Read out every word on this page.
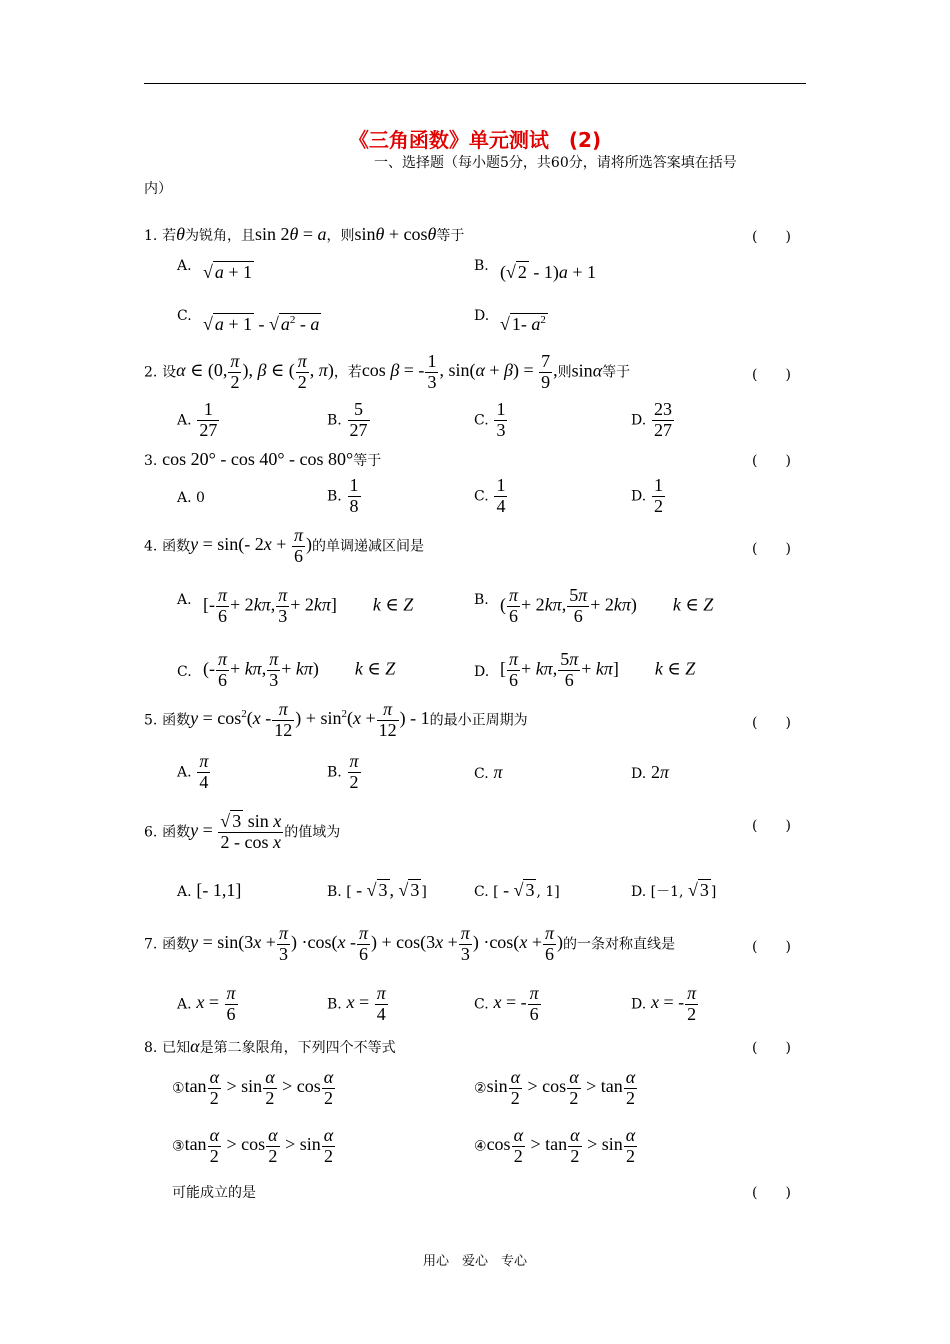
《三角函数》单元测试　(2)
一、选择题（每小题5分，共60分，请将所选答案填在括号
内）
(　　)
(　　)
(　　)
(　　)
(　　)
(　　)
(　　)
(　　)
(　　)
1. 若θ为锐角，且sin 2θ = a，则sinθ + cosθ等于
A. √ a + 1	B. (√ 2 - 1)a + 1
C. √ a + 1 - √ $a^2$ - a	D. √ 1- $a^2$
2. 设α ∈ (0, $\frac{\pi}{2}$ ), β ∈ ( $\frac{\pi}{2}$ , π)，若cos β = - $\frac{1}{3}$ , $\sin(\alpha + \beta) = \frac{7}{9}$ ,则sinα等于
A. $\frac{1}{27}$	B. $\frac{5}{27}$	C. $\frac{1}{3}$	D. $\frac{23}{27}$
3. cos 20° - cos 40° - cos 80°等于
A. 0	B. $\frac{1}{8}$	C. $\frac{1}{4}$	D. $\frac{1}{2}$
4. 函数y = sin(- $2x + \frac{\pi}{6}$ )的单调递减区间是
A. [- $\frac{\pi}{6} + 2k\pi$, $\frac{\pi}{3} + 2k\pi$]　　k ∈ Z	B. ( $\frac{\pi}{6} + 2k\pi$, $\frac{5\pi}{6} + 2k\pi$)　　k ∈ Z
C. (- $\frac{\pi}{6} + k\pi$, $\frac{\pi}{3} + k\pi$)　　k ∈ Z	D. [ $\frac{\pi}{6} + k\pi$, $\frac{5\pi}{6} + k\pi$]　　k ∈ Z
5. 函数$y = \cos^2(x - \frac{\pi}{12}$ ) + $\sin^2(x + \frac{\pi}{12}$ ) - 1的最小正周期为
A. $\frac{\pi}{4}$	B. $\frac{\pi}{2}$	C. π	D. 2π
6. 函数$y = \frac{\text{√ 3 sin x}}{\text{2 - cos x}}$ 的值域为
A. [- 1,1]	B. [ - √ 3 , √ 3 ]	C. [ - √ 3 , 1]	D. [－1, √ 3 ]
7. 函数$y = \sin(3x + \frac{\pi}{3}$ ) $\cdot\cos(x - \frac{\pi}{6}$ ) + $\cos(3x + \frac{\pi}{3}$ ) $\cdot\cos(x + \frac{\pi}{6}$ )的一条对称直线是
A. $x = \frac{\pi}{6}$	B. $x = \frac{\pi}{4}$	C. x = - $\frac{\pi}{6}$	D. x = - $\frac{\pi}{2}$
8. 已知α是第二象限角，下列四个不等式
①tan $\frac{\alpha}{2} > \sin \frac{\alpha}{2} > \cos \frac{\alpha}{2}$	②sin $\frac{\alpha}{2} > \cos \frac{\alpha}{2} > \tan \frac{\alpha}{2}$
③tan $\frac{\alpha}{2} > \cos \frac{\alpha}{2} > \sin \frac{\alpha}{2}$	④cos $\frac{\alpha}{2} > \tan \frac{\alpha}{2} > \sin \frac{\alpha}{2}$
可能成立的是
用心　爱心　专心
